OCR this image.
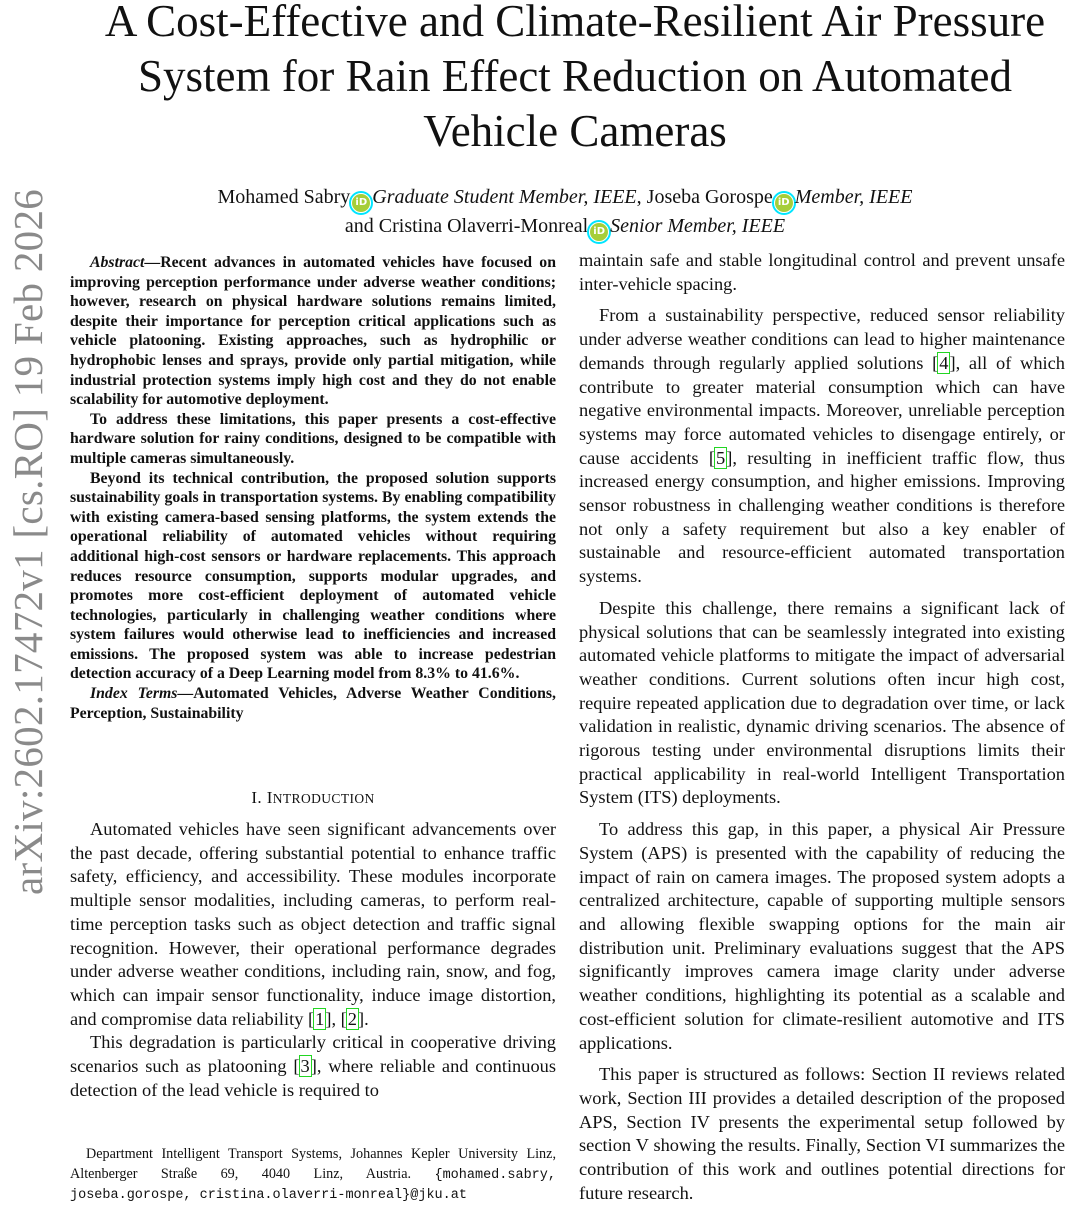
arXiv:2602.17472v1 [cs.RO] 19 Feb 2026
A Cost-Effective and Climate-Resilient Air Pressure System for Rain Effect Reduction on Automated Vehicle Cameras
Mohamed Sabry iD Graduate Student Member, IEEE, Joseba Gorospe iD Member, IEEE
and Cristina Olaverri-Monreal iD Senior Member, IEEE

Abstract—Recent advances in automated vehicles have focused on improving perception performance under adverse weather conditions; however, research on physical hardware solutions remains limited, despite their importance for perception critical applications such as vehicle platooning. Existing approaches, such as hydrophilic or hydrophobic lenses and sprays, provide only partial mitigation, while industrial protection systems imply high cost and they do not enable scalability for automotive deployment.

To address these limitations, this paper presents a cost-effective hardware solution for rainy conditions, designed to be compatible with multiple cameras simultaneously.

Beyond its technical contribution, the proposed solution supports sustainability goals in transportation systems. By enabling compatibility with existing camera-based sensing platforms, the system extends the operational reliability of automated vehicles without requiring additional high-cost sensors or hardware replacements. This approach reduces resource consumption, supports modular upgrades, and promotes more cost-efficient deployment of automated vehicle technologies, particularly in challenging weather conditions where system failures would otherwise lead to inefficiencies and increased emissions. The proposed system was able to increase pedestrian detection accuracy of a Deep Learning model from 8.3% to 41.6%.

Index Terms—Automated Vehicles, Adverse Weather Conditions, Perception, Sustainability

I. INTRODUCTION

Automated vehicles have seen significant advancements over the past decade, offering substantial potential to enhance traffic safety, efficiency, and accessibility. These modules incorporate multiple sensor modalities, including cameras, to perform real-time perception tasks such as object detection and traffic signal recognition. However, their operational performance degrades under adverse weather conditions, including rain, snow, and fog, which can impair sensor functionality, induce image distortion, and compromise data reliability [1], [2].

This degradation is particularly critical in cooperative driving scenarios such as platooning [3], where reliable and continuous detection of the lead vehicle is required to

maintain safe and stable longitudinal control and prevent unsafe inter-vehicle spacing.

From a sustainability perspective, reduced sensor reliability under adverse weather conditions can lead to higher maintenance demands through regularly applied solutions [4], all of which contribute to greater material consumption which can have negative environmental impacts. Moreover, unreliable perception systems may force automated vehicles to disengage entirely, or cause accidents [5], resulting in inefficient traffic flow, thus increased energy consumption, and higher emissions. Improving sensor robustness in challenging weather conditions is therefore not only a safety requirement but also a key enabler of sustainable and resource-efficient automated transportation systems.

Despite this challenge, there remains a significant lack of physical solutions that can be seamlessly integrated into existing automated vehicle platforms to mitigate the impact of adversarial weather conditions. Current solutions often incur high cost, require repeated application due to degradation over time, or lack validation in realistic, dynamic driving scenarios. The absence of rigorous testing under environmental disruptions limits their practical applicability in real-world Intelligent Transportation System (ITS) deployments.

To address this gap, in this paper, a physical Air Pressure System (APS) is presented with the capability of reducing the impact of rain on camera images. The proposed system adopts a centralized architecture, capable of supporting multiple sensors and allowing flexible swapping options for the main air distribution unit. Preliminary evaluations suggest that the APS significantly improves camera image clarity under adverse weather conditions, highlighting its potential as a scalable and cost-efficient solution for climate-resilient automotive and ITS applications.

This paper is structured as follows: Section II reviews related work, Section III provides a detailed description of the proposed APS, Section IV presents the experimental setup followed by section V showing the results. Finally, Section VI summarizes the contribution of this work and outlines potential directions for future research.

Department Intelligent Transport Systems, Johannes Kepler University Linz, Altenberger Straße 69, 4040 Linz, Austria. {mohamed.sabry, joseba.gorospe, cristina.olaverri-monreal}@jku.at
